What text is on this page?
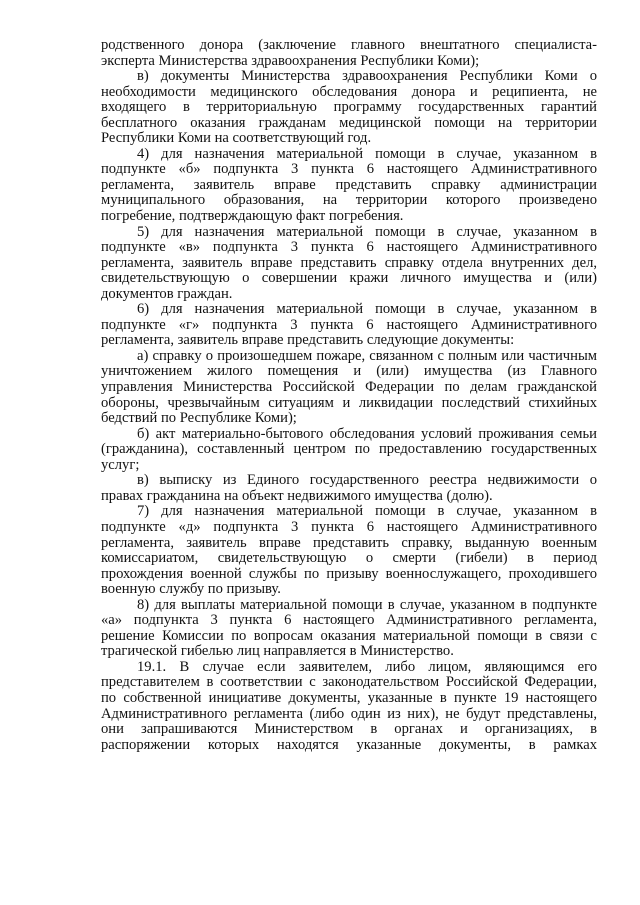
родственного донора (заключение главного внештатного специалиста-
эксперта Министерства здравоохранения Республики Коми);
в) документы Министерства здравоохранения Республики Коми о
необходимости медицинского обследования донора и реципиента, не
входящего в территориальную программу государственных гарантий
бесплатного оказания гражданам медицинской помощи на территории
Республики Коми на соответствующий год.
4) для назначения материальной помощи в случае, указанном в
подпункте «б» подпункта 3 пункта 6 настоящего Административного
регламента, заявитель вправе представить справку администрации
муниципального образования, на территории которого произведено
погребение, подтверждающую факт погребения.
5) для назначения материальной помощи в случае, указанном в
подпункте «в» подпункта 3 пункта 6 настоящего Административного
регламента, заявитель вправе представить справку отдела внутренних дел,
свидетельствующую о совершении кражи личного имущества и (или)
документов граждан.
6) для назначения материальной помощи в случае, указанном в
подпункте «г» подпункта 3 пункта 6 настоящего Административного
регламента, заявитель вправе представить следующие документы:
а) справку о произошедшем пожаре, связанном с полным или частичным
уничтожением жилого помещения и (или) имущества (из Главного
управления Министерства Российской Федерации по делам гражданской
обороны, чрезвычайным ситуациям и ликвидации последствий стихийных
бедствий по Республике Коми);
б) акт материально-бытового обследования условий проживания семьи
(гражданина), составленный центром по предоставлению государственных
услуг;
в) выписку из Единого государственного реестра недвижимости о
правах гражданина на объект недвижимого имущества (долю).
7) для назначения материальной помощи в случае, указанном в
подпункте «д» подпункта 3 пункта 6 настоящего Административного
регламента, заявитель вправе представить справку, выданную военным
комиссариатом, свидетельствующую о смерти (гибели) в период
прохождения военной службы по призыву военнослужащего, проходившего
военную службу по призыву.
8) для выплаты материальной помощи в случае, указанном в подпункте
«а» подпункта 3 пункта 6 настоящего Административного регламента,
решение Комиссии по вопросам оказания материальной помощи в связи с
трагической гибелью лиц направляется в Министерство.
19.1. В случае если заявителем, либо лицом, являющимся его
представителем в соответствии с законодательством Российской Федерации,
по собственной инициативе документы, указанные в пункте 19 настоящего
Административного регламента (либо один из них), не будут представлены,
они запрашиваются Министерством в органах и организациях, в
распоряжении которых находятся указанные документы, в рамках
